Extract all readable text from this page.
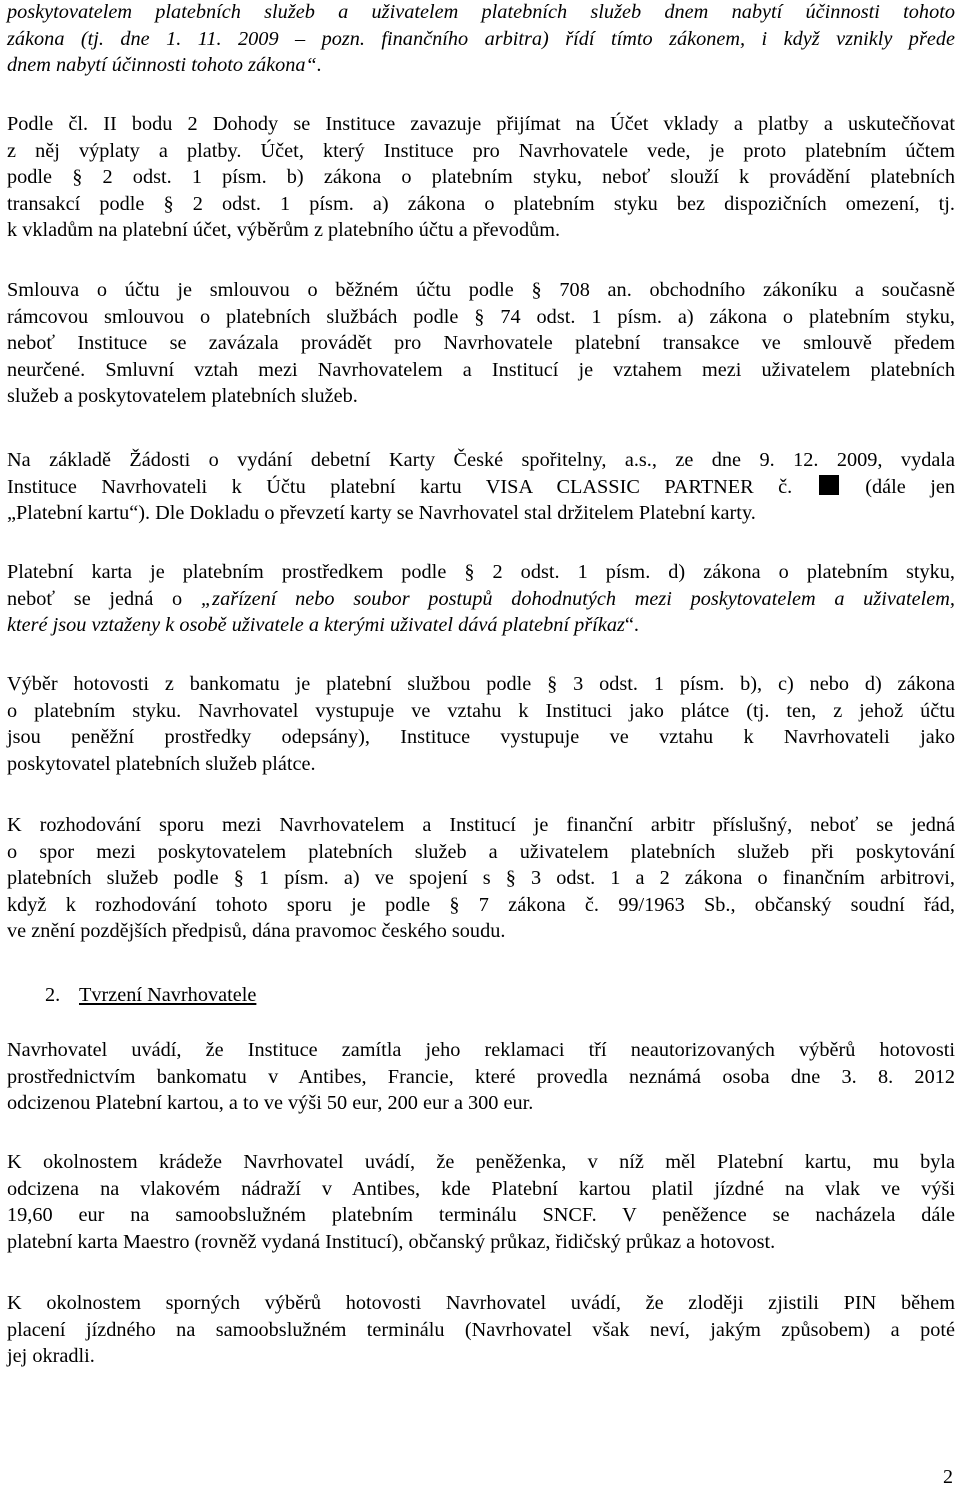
poskytovatelem platebních služeb a uživatelem platebních služeb dnem nabytí účinnosti tohoto
zákona (tj. dne 1. 11. 2009 – pozn. finančního arbitra) řídí tímto zákonem, i když vznikly přede
dnem nabytí účinnosti tohoto zákona“.
Podle čl. II bodu 2 Dohody se Instituce zavazuje přijímat na Účet vklady a platby a uskutečňovat
z něj výplaty a platby. Účet, který Instituce pro Navrhovatele vede, je proto platebním účtem
podle § 2 odst. 1 písm. b) zákona o platebním styku, neboť slouží k provádění platebních
transakcí podle § 2 odst. 1 písm. a) zákona o platebním styku bez dispozičních omezení, tj.
k vkladům na platební účet, výběrům z platebního účtu a převodům.
Smlouva o účtu je smlouvou o běžném účtu podle § 708 an. obchodního zákoníku a současně
rámcovou smlouvou o platebních službách podle § 74 odst. 1 písm. a) zákona o platebním styku,
neboť Instituce se zavázala provádět pro Navrhovatele platební transakce ve smlouvě předem
neurčené. Smluvní vztah mezi Navrhovatelem a Institucí je vztahem mezi uživatelem platebních
služeb a poskytovatelem platebních služeb.
Na základě Žádosti o vydání debetní Karty České spořitelny, a.s., ze dne 9. 12. 2009, vydala
Instituce Navrhovateli k Účtu platební kartu VISA CLASSIC PARTNER č.	(dále jen
„Platební kartu“). Dle Dokladu o převzetí karty se Navrhovatel stal držitelem Platební karty.
Platební karta je platebním prostředkem podle § 2 odst. 1 písm. d) zákona o platebním styku,
neboť se jedná o „zařízení nebo soubor postupů dohodnutých mezi poskytovatelem a uživatelem,
které jsou vztaženy k osobě uživatele a kterými uživatel dává platební příkaz“.
Výběr hotovosti z bankomatu je platební službou podle § 3 odst. 1 písm. b), c) nebo d) zákona
o platebním styku. Navrhovatel vystupuje ve vztahu k Instituci jako plátce (tj. ten, z jehož účtu
jsou peněžní prostředky odepsány), Instituce vystupuje ve vztahu k Navrhovateli jako
poskytovatel platebních služeb plátce.
K rozhodování sporu mezi Navrhovatelem a Institucí je finanční arbitr příslušný, neboť se jedná
o spor mezi poskytovatelem platebních služeb a uživatelem platebních služeb při poskytování
platebních služeb podle § 1 písm. a) ve spojení s § 3 odst. 1 a 2 zákona o finančním arbitrovi,
když k rozhodování tohoto sporu je podle § 7 zákona č. 99/1963 Sb., občanský soudní řád,
ve znění pozdějších předpisů, dána pravomoc českého soudu.
2. Tvrzení Navrhovatele
Navrhovatel uvádí, že Instituce zamítla jeho reklamaci tří neautorizovaných výběrů hotovosti
prostřednictvím bankomatu v Antibes, Francie, které provedla neznámá osoba dne 3. 8. 2012
odcizenou Platební kartou, a to ve výši 50 eur, 200 eur a 300 eur.
K okolnostem krádeže Navrhovatel uvádí, že peněženka, v níž měl Platební kartu, mu byla
odcizena na vlakovém nádraží v Antibes, kde Platební kartou platil jízdné na vlak ve výši
19,60 eur na samoobslužném platebním terminálu SNCF. V peněžence se nacházela dále
platební karta Maestro (rovněž vydaná Institucí), občanský průkaz, řidičský průkaz a hotovost.
K okolnostem sporných výběrů hotovosti Navrhovatel uvádí, že zloději zjistili PIN během
placení jízdného na samoobslužném terminálu (Navrhovatel však neví, jakým způsobem) a poté
jej okradli.
2
